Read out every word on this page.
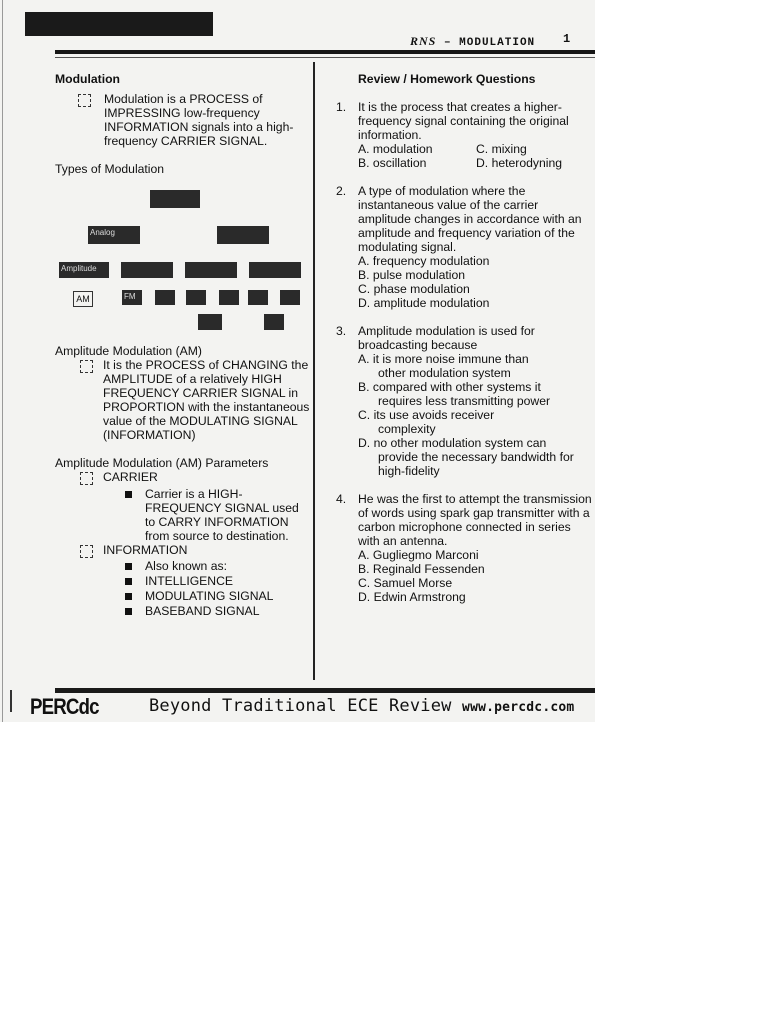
RNS – MODULATION 1
Modulation
Modulation is a PROCESS of IMPRESSING low-frequency INFORMATION signals into a high-frequency CARRIER SIGNAL.
Types of Modulation
Analog
Amplitude
AM	FM
Amplitude Modulation (AM)
It is the PROCESS of CHANGING the AMPLITUDE of a relatively HIGH FREQUENCY CARRIER SIGNAL in PROPORTION with the instantaneous value of the MODULATING SIGNAL (INFORMATION)
Amplitude Modulation (AM) Parameters
CARRIER
Carrier is a HIGH-FREQUENCY SIGNAL used to CARRY INFORMATION from source to destination.
INFORMATION
Also known as:
INTELLIGENCE
MODULATING SIGNAL
BASEBAND SIGNAL
Review / Homework Questions
1. It is the process that creates a higher-frequency signal containing the original information.
A. modulation	C. mixing
B. oscillation	D. heterodyning
2. A type of modulation where the instantaneous value of the carrier amplitude changes in accordance with an amplitude and frequency variation of the modulating signal.
A. frequency modulation
B. pulse modulation
C. phase modulation
D. amplitude modulation
3. Amplitude modulation is used for broadcasting because
A. it is more noise immune than
other modulation system
B. compared with other systems it
requires less transmitting power
C. its use avoids receiver
complexity
D. no other modulation system can
provide the necessary bandwidth for high-fidelity
4. He was the first to attempt the transmission of words using spark gap transmitter with a carbon microphone connected in series with an antenna.
A. Gugliegmo Marconi
B. Reginald Fessenden
C. Samuel Morse
D. Edwin Armstrong
PERCdc	Beyond Traditional ECE Review www.percdc.com
